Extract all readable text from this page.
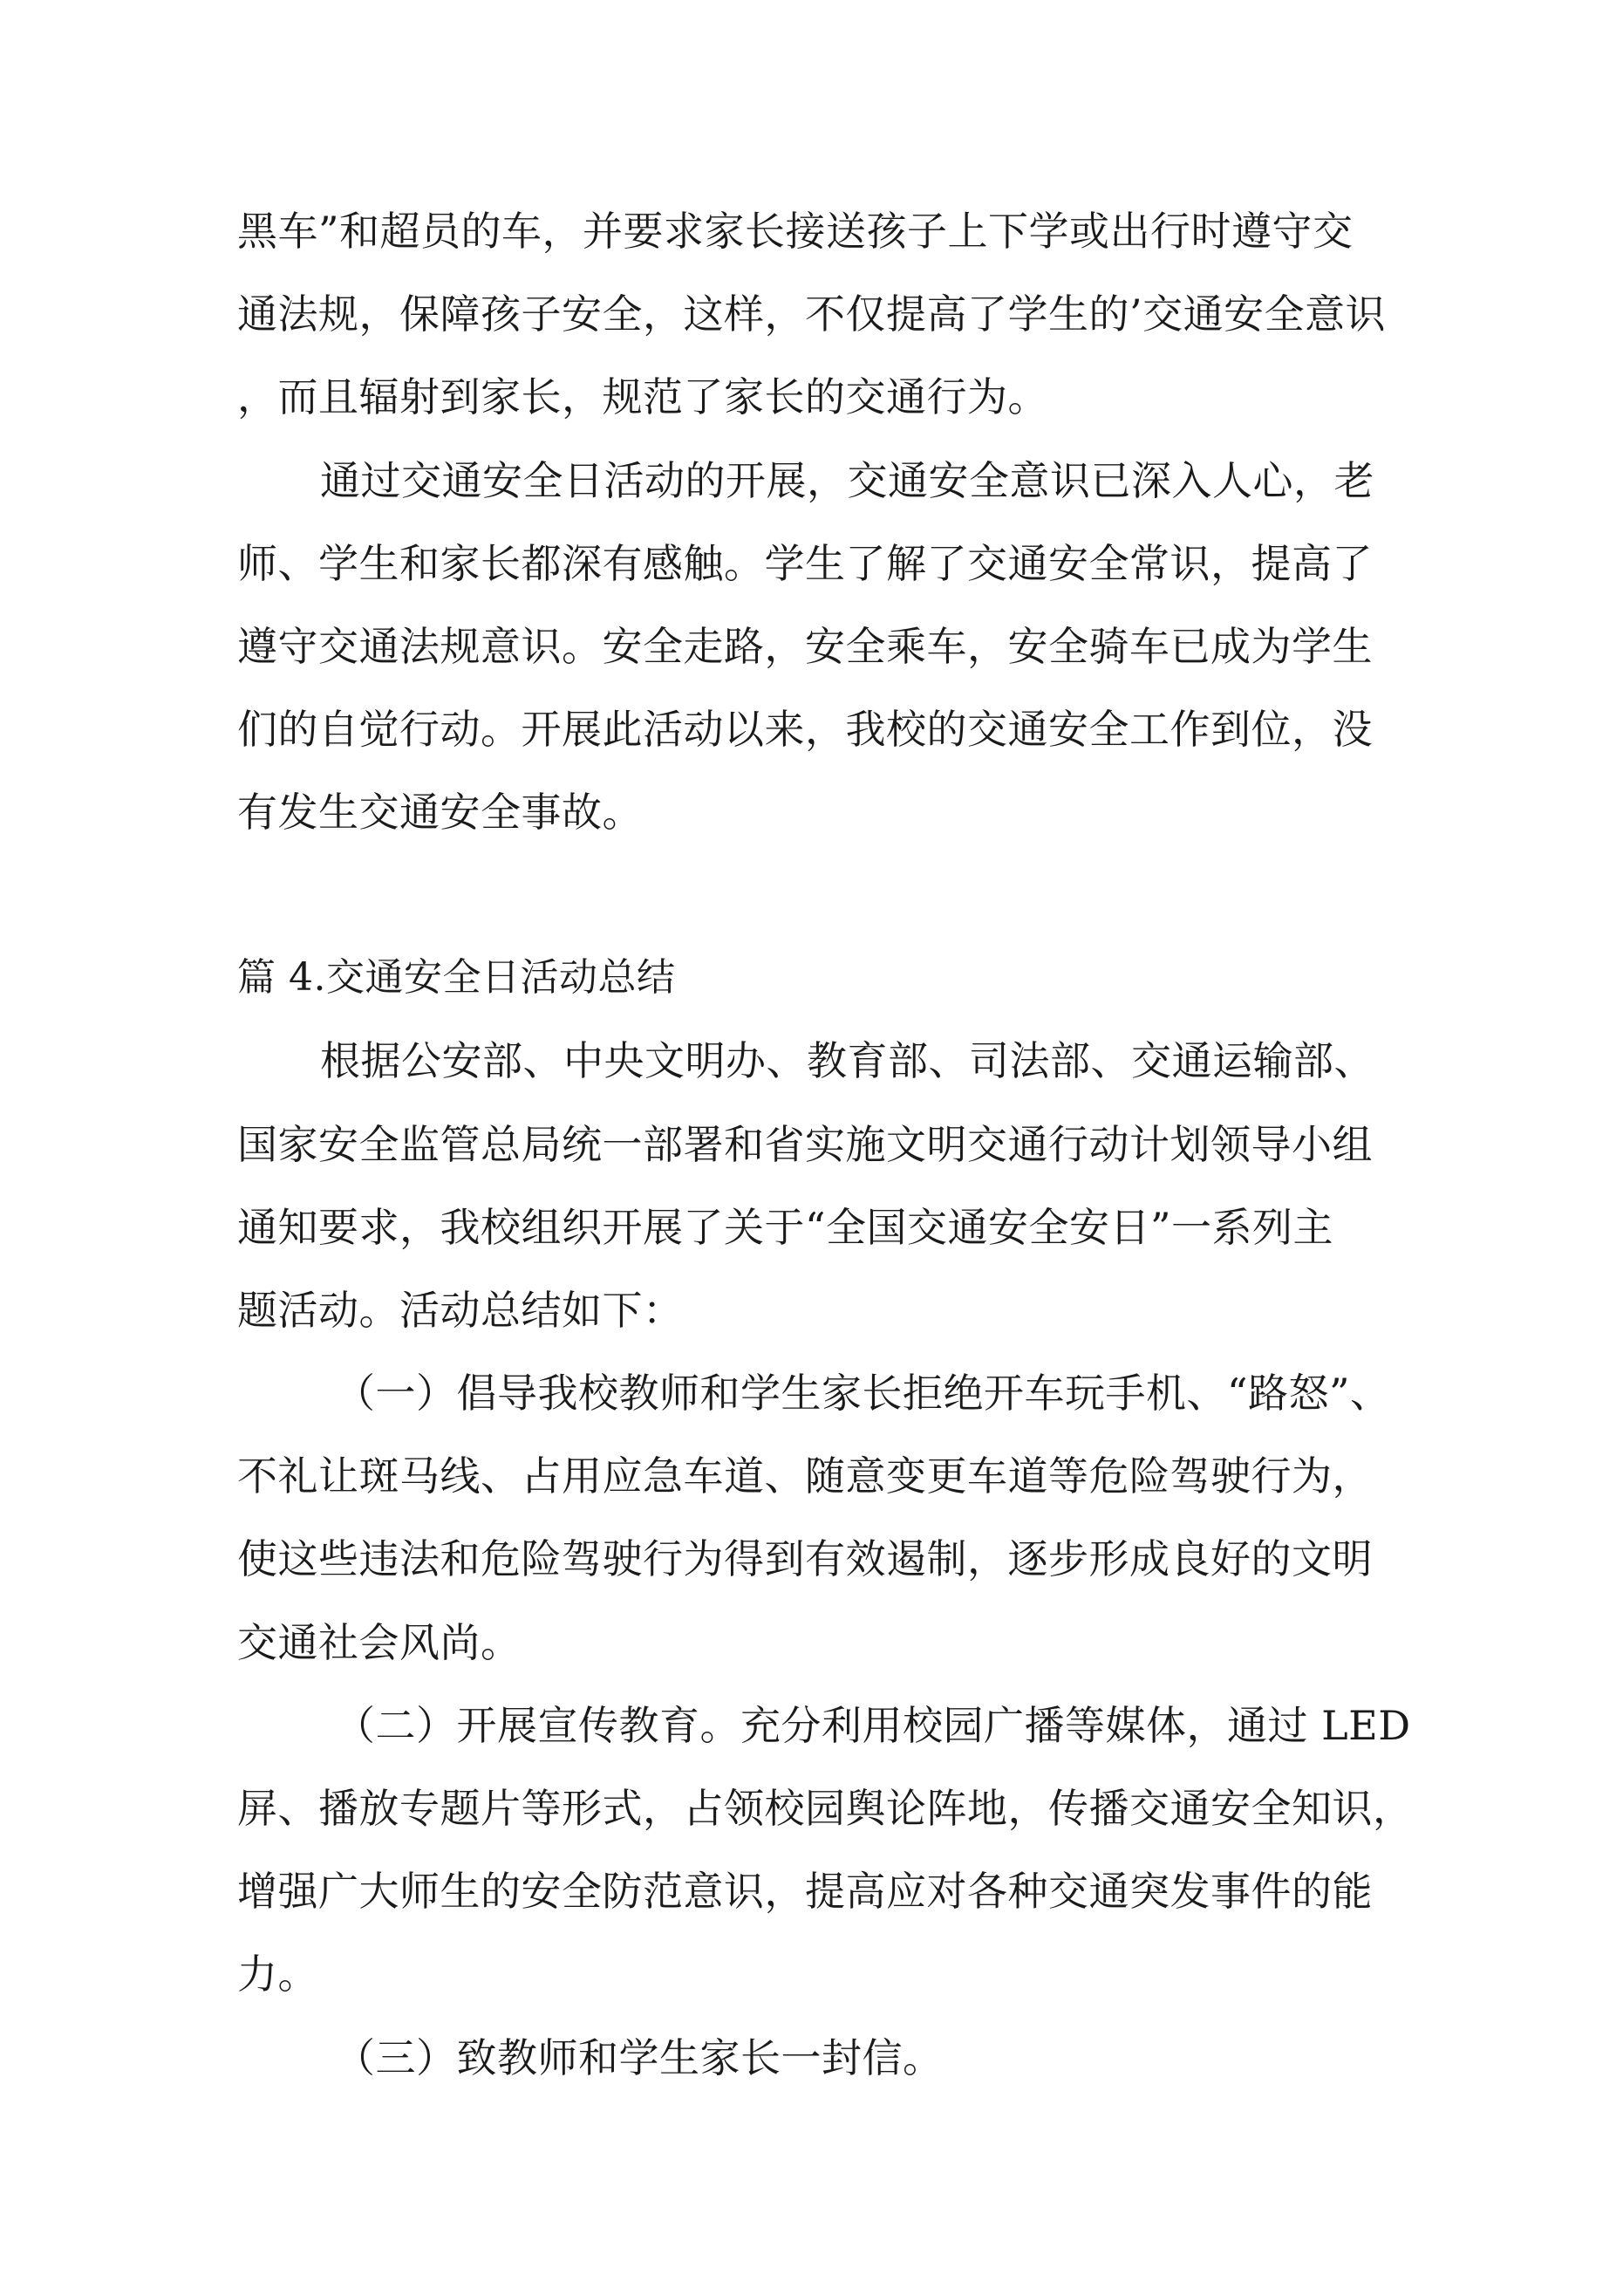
黑车”和超员的车，并要求家长接送孩子上下学或出行时遵守交
通法规，保障孩子安全，这样，不仅提高了学生的’交通安全意识
，而且辐射到家长，规范了家长的交通行为。
通过交通安全日活动的开展，交通安全意识已深入人心，老
师、学生和家长都深有感触。学生了解了交通安全常识，提高了
遵守交通法规意识。安全走路，安全乘车，安全骑车已成为学生
们的自觉行动。开展此活动以来，我校的交通安全工作到位，没
有发生交通安全事故。
篇 4.交通安全日活动总结
根据公安部、中央文明办、教育部、司法部、交通运输部、
国家安全监管总局统一部署和省实施文明交通行动计划领导小组
通知要求，我校组织开展了关于“全国交通安全安日”一系列主
题活动。活动总结如下：
（一）倡导我校教师和学生家长拒绝开车玩手机、“路怒”、
不礼让斑马线、占用应急车道、随意变更车道等危险驾驶行为，
使这些违法和危险驾驶行为得到有效遏制，逐步形成良好的文明
交通社会风尚。
（二）开展宣传教育。充分利用校园广播等媒体，通过 LED
屏、播放专题片等形式，占领校园舆论阵地，传播交通安全知识，
增强广大师生的安全防范意识，提高应对各种交通突发事件的能
力。
（三）致教师和学生家长一封信。
